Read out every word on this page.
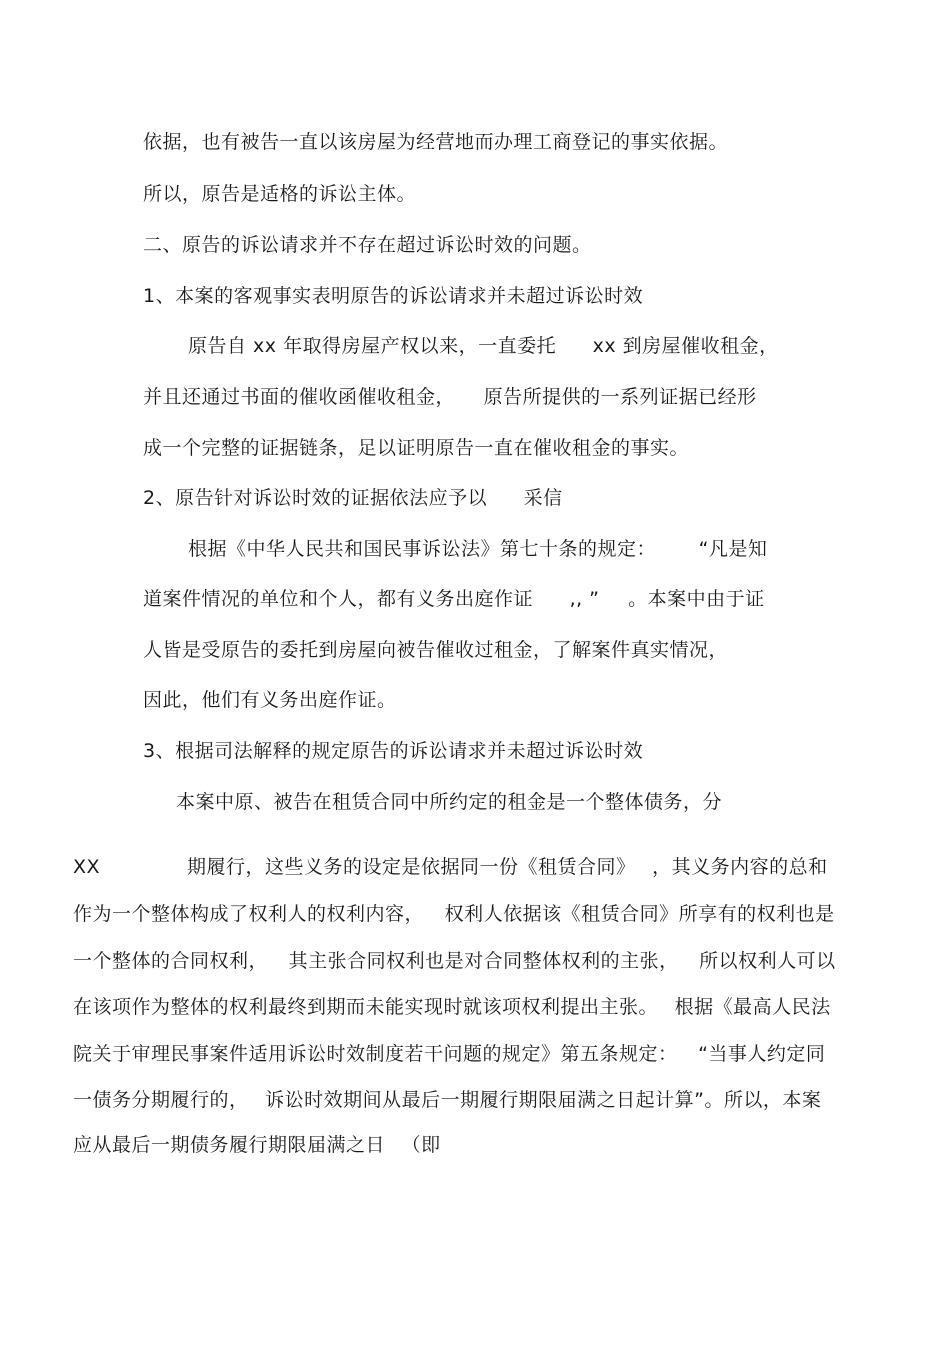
依据，也有被告一直以该房屋为经营地而办理工商登记的事实依据。
所以，原告是适格的诉讼主体。
二、原告的诉讼请求并不存在超过诉讼时效的问题。
1、本案的客观事实表明原告的诉讼请求并未超过诉讼时效
原告自 xx 年取得房屋产权以来，一直委托 xx 到房屋催收租金，
并且还通过书面的催收函催收租金， 原告所提供的一系列证据已经形
成一个完整的证据链条，足以证明原告一直在催收租金的事实。
2、原告针对诉讼时效的证据依法应予以 采信
根据《中华人民共和国民事诉讼法》第七十条的规定： “凡是知
道案件情况的单位和个人，都有义务出庭作证 ,, ” 。本案中由于证
人皆是受原告的委托到房屋向被告催收过租金，了解案件真实情况，
因此，他们有义务出庭作证。
3、根据司法解释的规定原告的诉讼请求并未超过诉讼时效
本案中原、被告在租赁合同中所约定的租金是一个整体债务，分
XX	期履行，这些义务的设定是依据同一份《租赁合同》 ，其义务内容的总和
作为一个整体构成了权利人的权利内容， 权利人依据该《租赁合同》所享有的权利也是
一个整体的合同权利， 其主张合同权利也是对合同整体权利的主张， 所以权利人可以
在该项作为整体的权利最终到期而未能实现时就该项权利提出主张。 根据《最高人民法
院关于审理民事案件适用诉讼时效制度若干问题的规定》第五条规定： “当事人约定同
一债务分期履行的， 诉讼时效期间从最后一期履行期限届满之日起计算”。所以，本案
应从最后一期债务履行期限届满之日 （即
